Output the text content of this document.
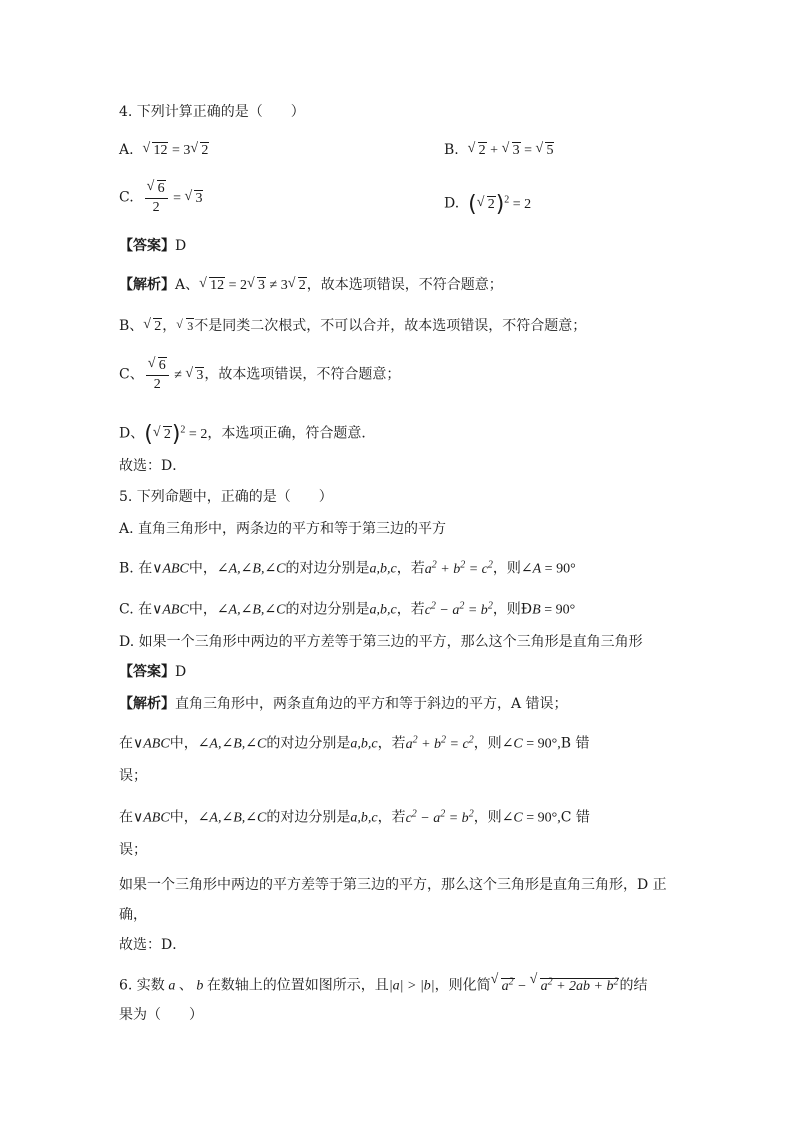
4. 下列计算正确的是（　　）
A. √ 12 = 3 √ 2	B. √ 2 + √ 3 = √ 5
C. √ $\frac{6}{2}$ = √ 3	D. ( √ 2)$^2$ = 2
【答案】D
【解析】A、 √ 12 = 2 √ 3 ≠ 3 √ 2，故本选项错误，不符合题意；
B、 √ 2， √ 3不是同类二次根式，不可以合并，故本选项错误，不符合题意；
C、 √ $\frac{6}{2}$ ≠ √ 3，故本选项错误，不符合题意；
D、( √ 2)$^2$ = 2，本选项正确，符合题意．
故选：D．
5. 下列命题中，正确的是（　　）
A. 直角三角形中，两条边的平方和等于第三边的平方
B. 在∨ABC中，∠A,∠B,∠C的对边分别是a,b,c，若$a^2 + b^2 = c^2$，则∠A = 90°
C. 在∨ABC中，∠A,∠B,∠C的对边分别是a,b,c，若$c^2 - a^2 = b^2$，则ÐB = 90°
D. 如果一个三角形中两边的平方差等于第三边的平方，那么这个三角形是直角三角形
【答案】D
【解析】直角三角形中，两条直角边的平方和等于斜边的平方，A 错误；
在∨ABC中，∠A,∠B,∠C的对边分别是a,b,c，若$a^2 + b^2 = c^2$，则∠C = 90°,B 错
误；
在∨ABC中，∠A,∠B,∠C的对边分别是a,b,c，若$c^2 - a^2 = b^2$，则∠C = 90°,C 错
误；
如果一个三角形中两边的平方差等于第三边的平方，那么这个三角形是直角三角形，D 正
确，
故选：D．
6. 实数 a 、 b 在数轴上的位置如图所示，且|a| > |b|，则化简 √ $a^2$ − √ $a^2 + 2ab + b^2$的结
果为（　　）
